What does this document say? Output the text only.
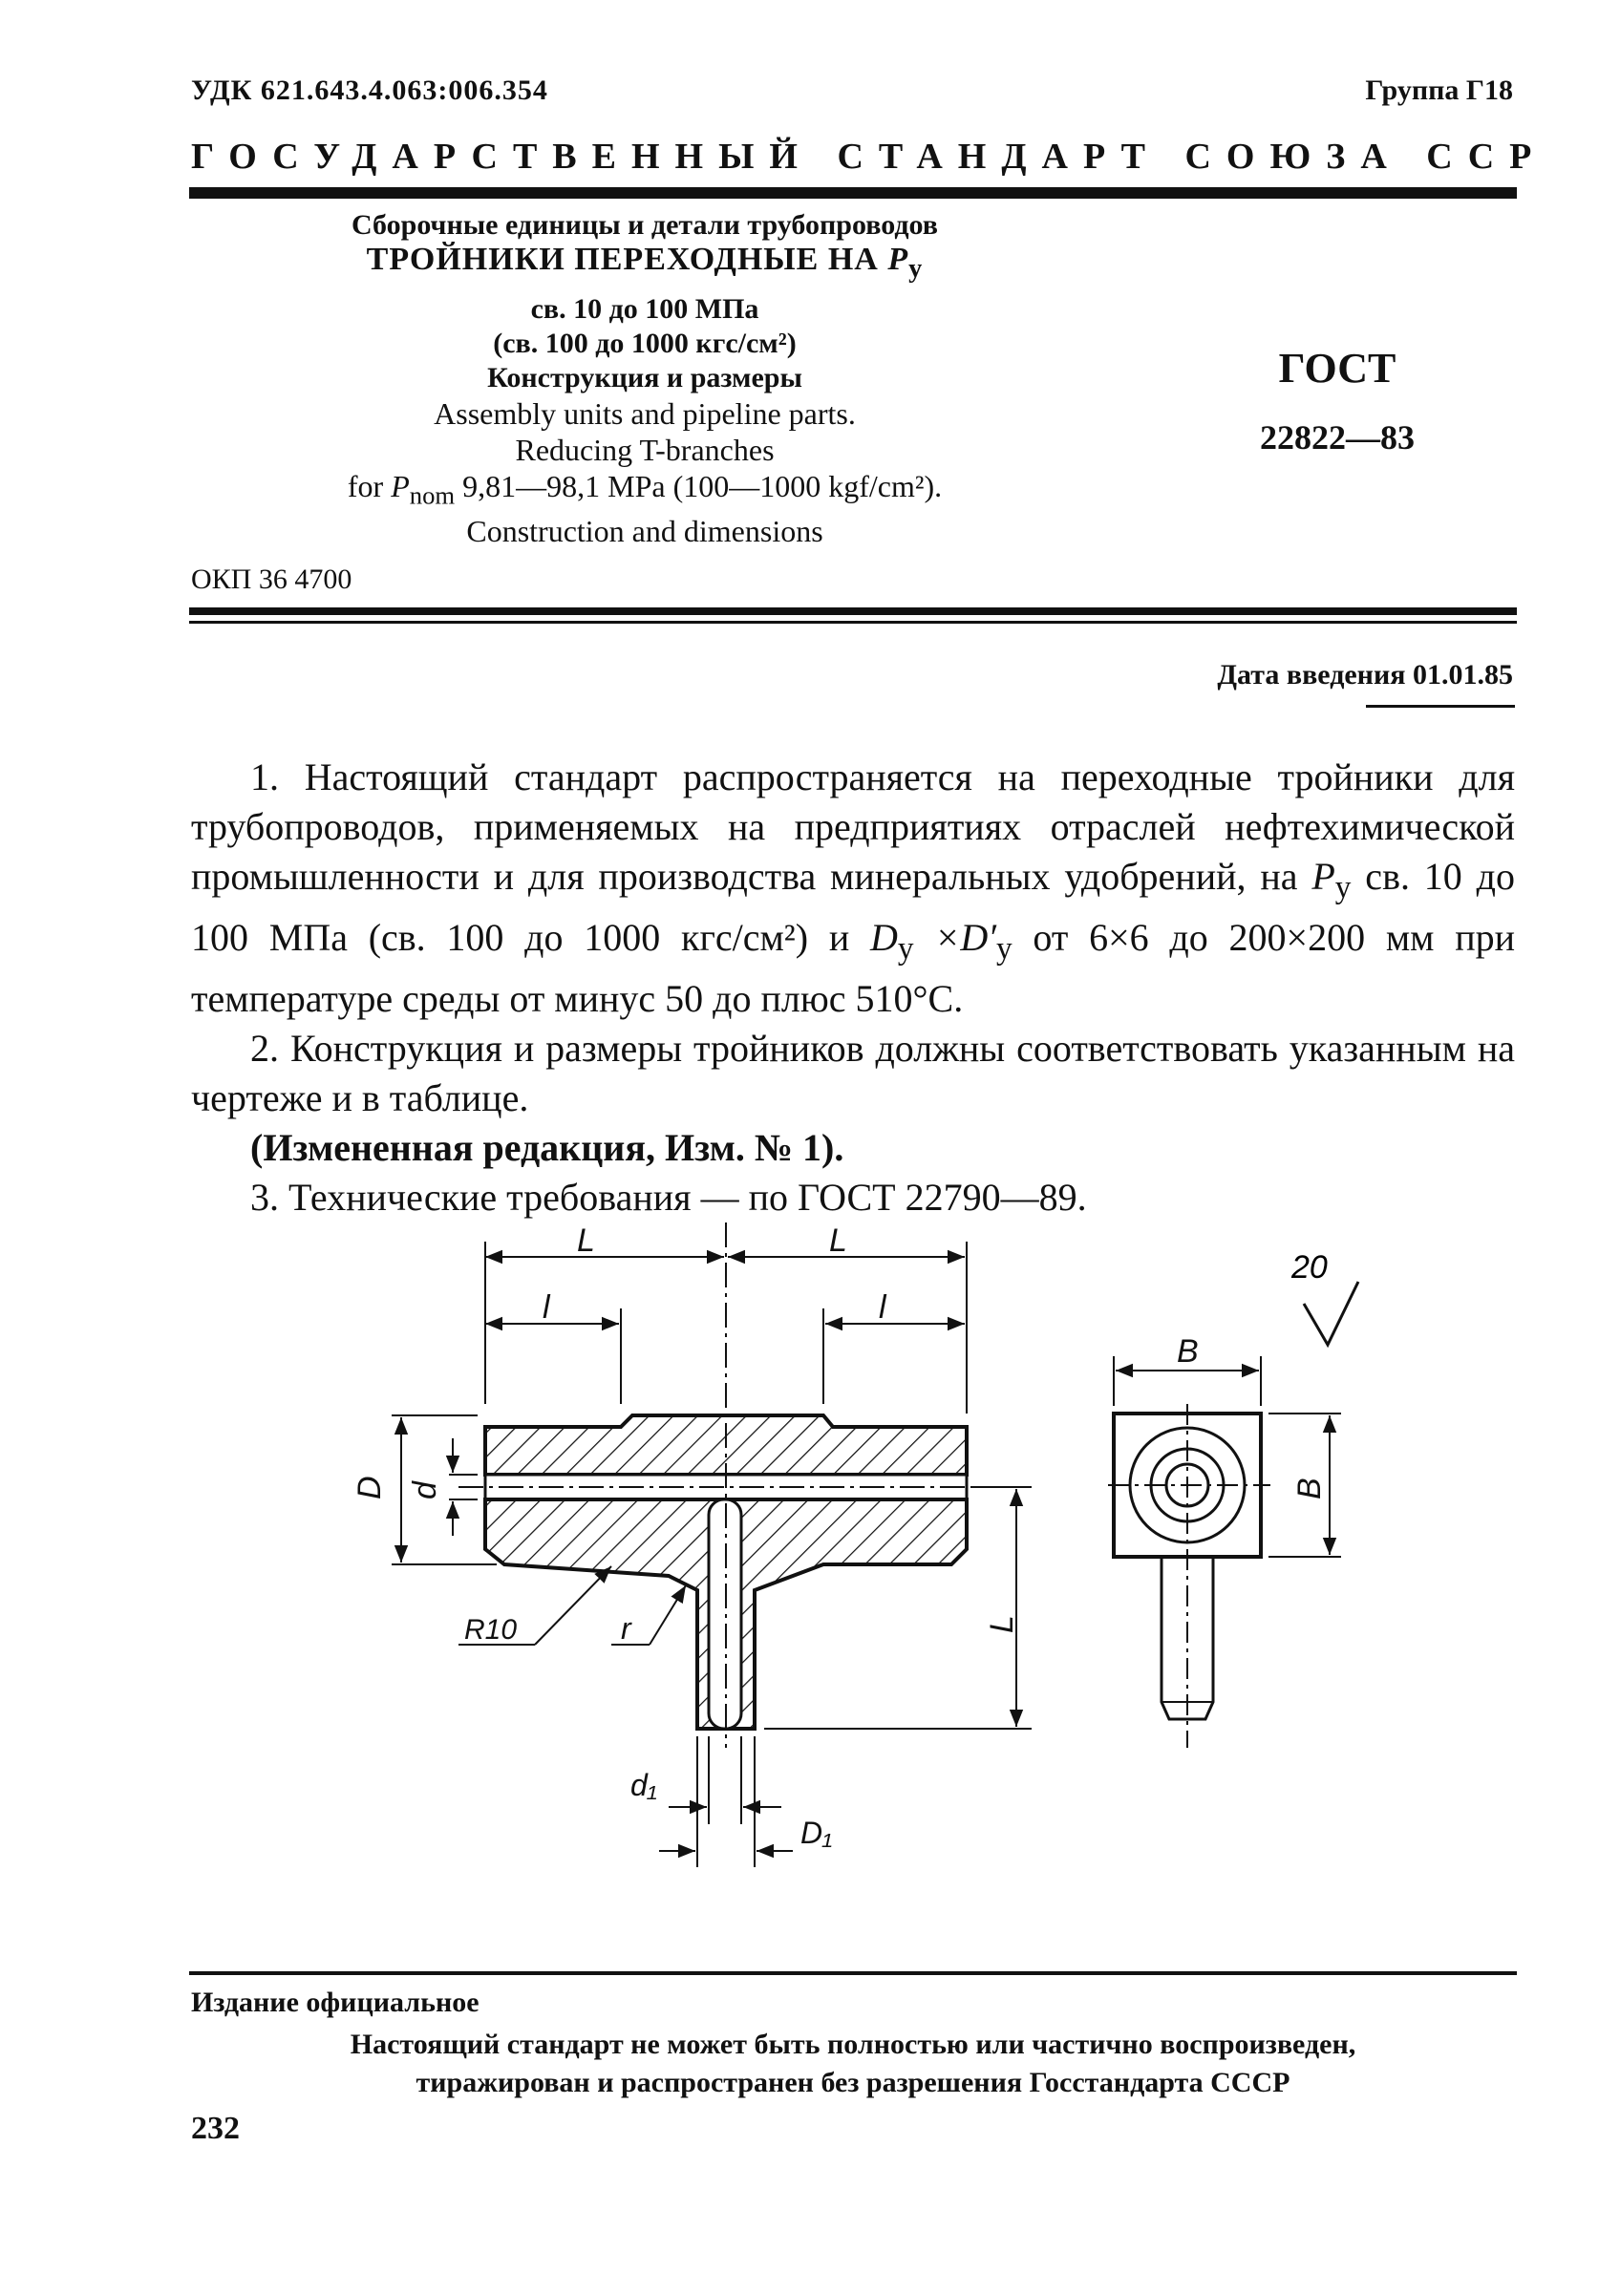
УДК 621.643.4.063:006.354	Группа Г18
ГОСУДАРСТВЕННЫЙ СТАНДАРТ СОЮЗА ССР
Сборочные единицы и детали трубопроводов
ТРОЙНИКИ ПЕРЕХОДНЫЕ НА $P_у$
св. 10 до 100 МПа
(св. 100 до 1000 кгс/см²)
Конструкция и размеры
Assembly units and pipeline parts.
Reducing T-branches
for $P_{nom}$ 9,81—98,1 MPa (100—1000 kgf/cm²).
Construction and dimensions
ГОСТ
22822—83
ОКП 36 4700
Дата введения 01.01.85

1. Настоящий стандарт распространяется на переходные тройники для трубопроводов, применяемых на предприятиях отраслей нефтехимической промышленности и для производства минеральных удобрений, на $P_у$ св. 10 до 100 МПа (св. 100 до 1000 кгс/см²) и $D_у \times D'_у$ от 6×6 до 200×200 мм при температуре среды от минус 50 до плюс 510°С.

2. Конструкция и размеры тройников должны соответствовать указанным на чертеже и в таблице.

(Измененная редакция, Изм. № 1).

3. Технические требования — по ГОСТ 22790—89.

20
L	L
l	l
D d
L
R10	r
d₁
D₁
B
B
Издание официальное
Настоящий стандарт не может быть полностью или частично воспроизведен,
тиражирован и распространен без разрешения Госстандарта СССР
232
